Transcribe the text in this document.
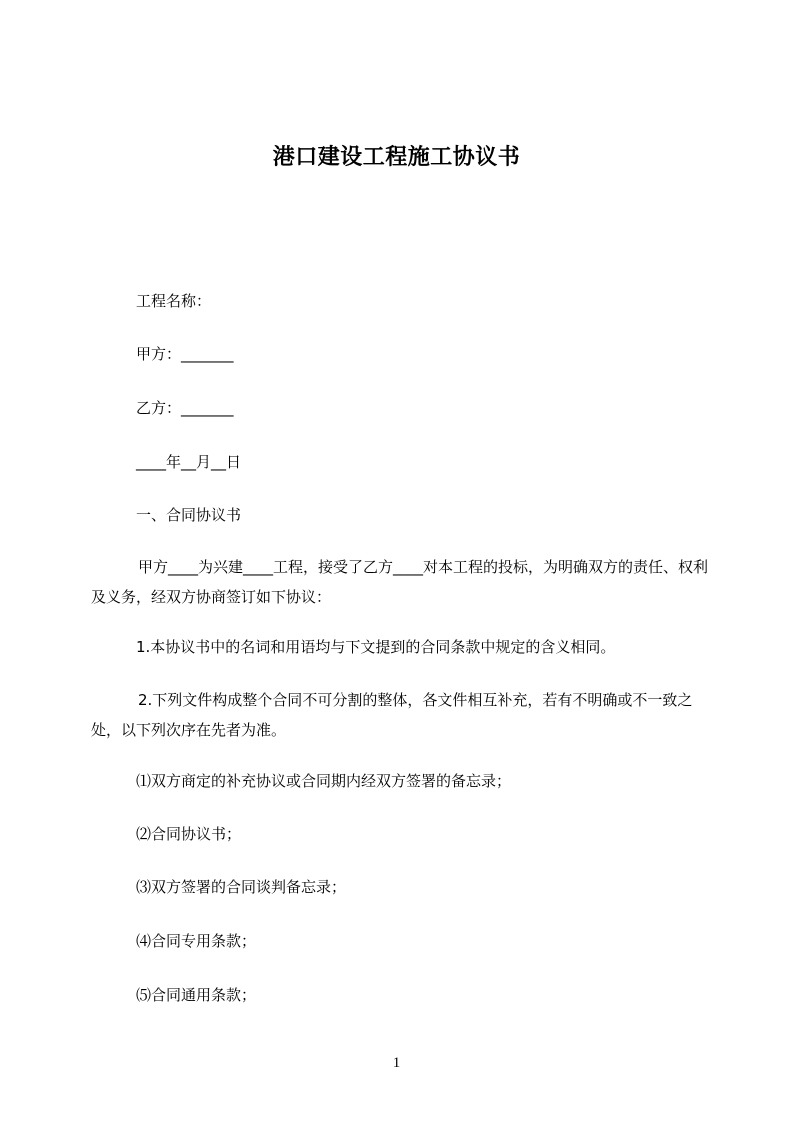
港口建设工程施工协议书
工程名称：
甲方：_______
乙方：_______
____年__月__日
一、合同协议书
甲方____为兴建____工程，接受了乙方____对本工程的投标，为明确双方的责任、权利及义务，经双方协商签订如下协议：
1.本协议书中的名词和用语均与下文提到的合同条款中规定的含义相同。
2.下列文件构成整个合同不可分割的整体，各文件相互补充，若有不明确或不一致之处，以下列次序在先者为准。
⑴双方商定的补充协议或合同期内经双方签署的备忘录；
⑵合同协议书；
⑶双方签署的合同谈判备忘录；
⑷合同专用条款；
⑸合同通用条款；
1
